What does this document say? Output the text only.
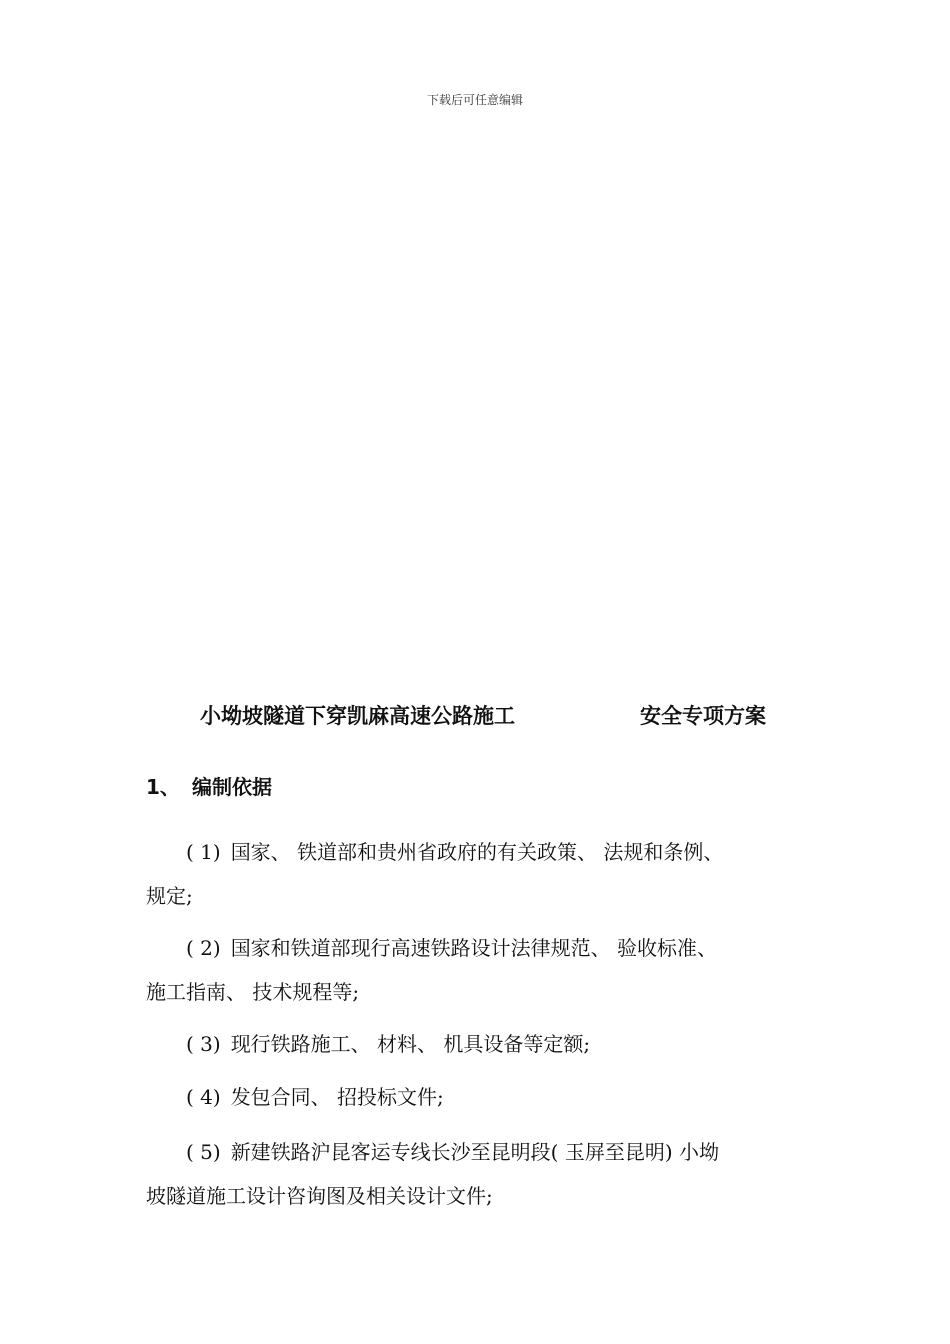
下载后可任意编辑
小坳坡隧道下穿凯麻高速公路施工	安全专项方案
1、 编制依据
( 1) 国家、 铁道部和贵州省政府的有关政策、 法规和条例、
规定;
( 2) 国家和铁道部现行高速铁路设计法律规范、 验收标准、
施工指南、 技术规程等;
( 3) 现行铁路施工、 材料、 机具设备等定额;
( 4) 发包合同、 招投标文件;
( 5) 新建铁路沪昆客运专线长沙至昆明段( 玉屏至昆明) 小坳
坡隧道施工设计咨询图及相关设计文件;
